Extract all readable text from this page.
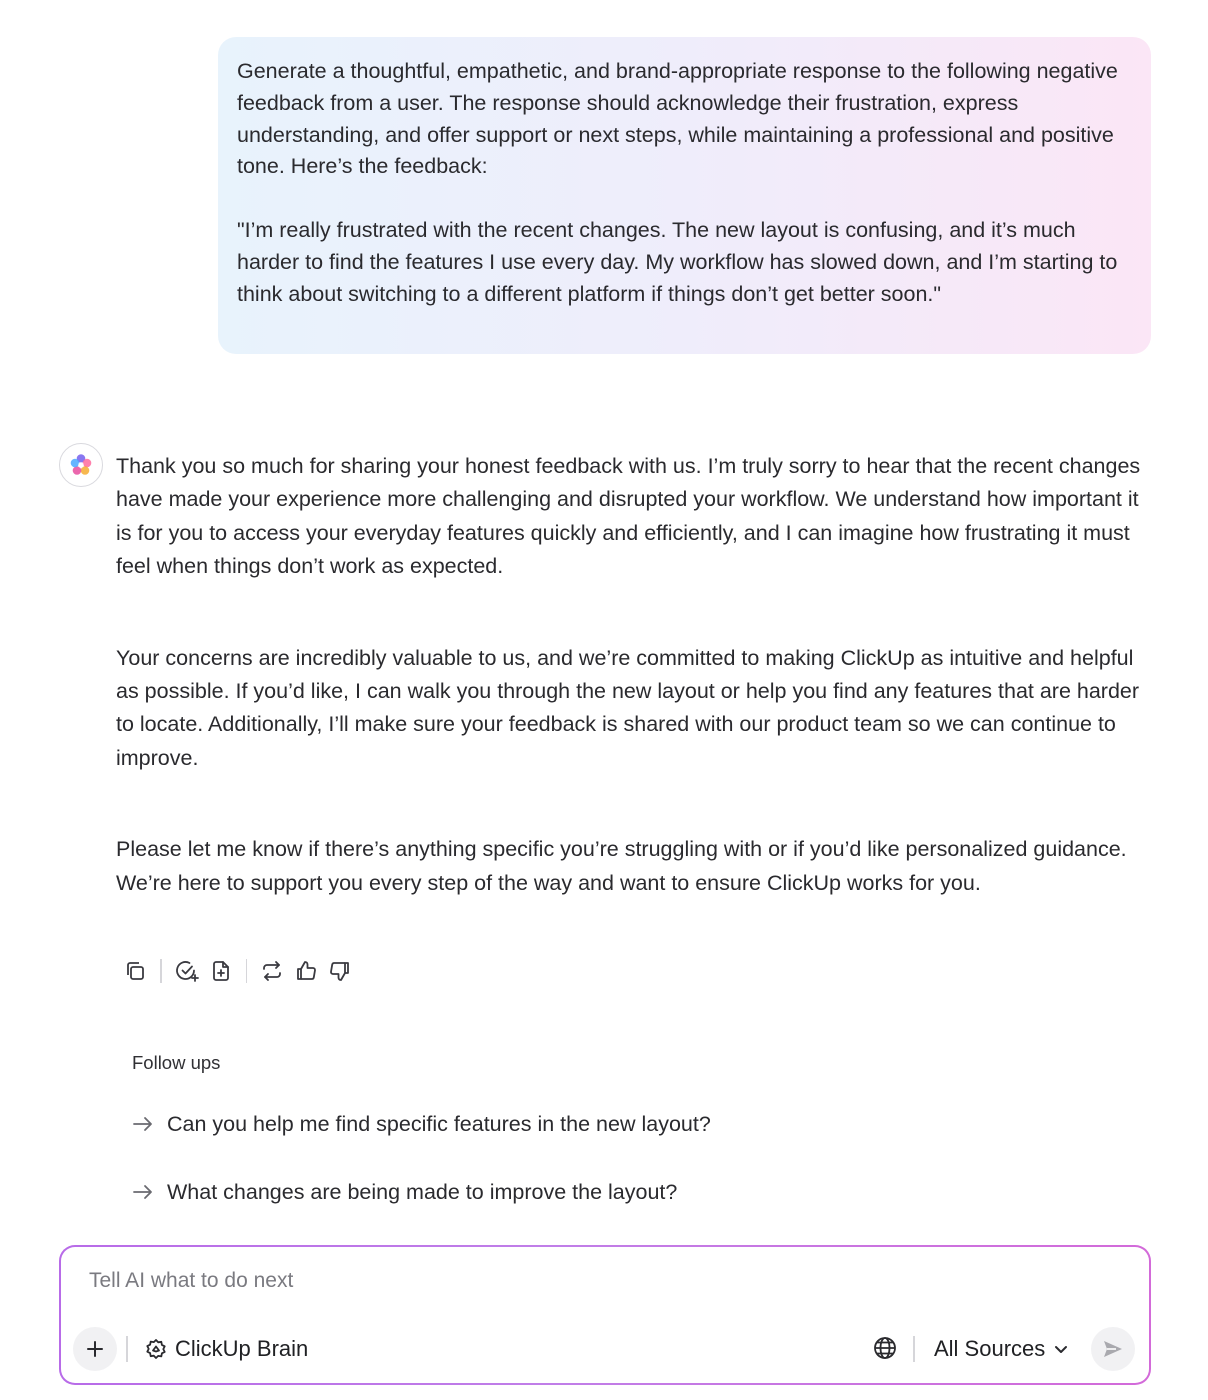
Generate a thoughtful, empathetic, and brand-appropriate response to the following negative feedback from a user. The response should acknowledge their frustration, express understanding, and offer support or next steps, while maintaining a professional and positive tone. Here’s the feedback:

"I’m really frustrated with the recent changes. The new layout is confusing, and it’s much harder to find the features I use every day. My workflow has slowed down, and I’m starting to think about switching to a different platform if things don’t get better soon."

Thank you so much for sharing your honest feedback with us. I’m truly sorry to hear that the recent changes have made your experience more challenging and disrupted your workflow. We understand how important it is for you to access your everyday features quickly and efficiently, and I can imagine how frustrating it must feel when things don’t work as expected.

Your concerns are incredibly valuable to us, and we’re committed to making ClickUp as intuitive and helpful as possible. If you’d like, I can walk you through the new layout or help you find any features that are harder to locate. Additionally, I’ll make sure your feedback is shared with our product team so we can continue to improve.

Please let me know if there’s anything specific you’re struggling with or if you’d like personalized guidance. We’re here to support you every step of the way and want to ensure ClickUp works for you.

Follow ups
Can you help me find specific features in the new layout?
What changes are being made to improve the layout?
Tell AI what to do next
ClickUp Brain	All Sources
